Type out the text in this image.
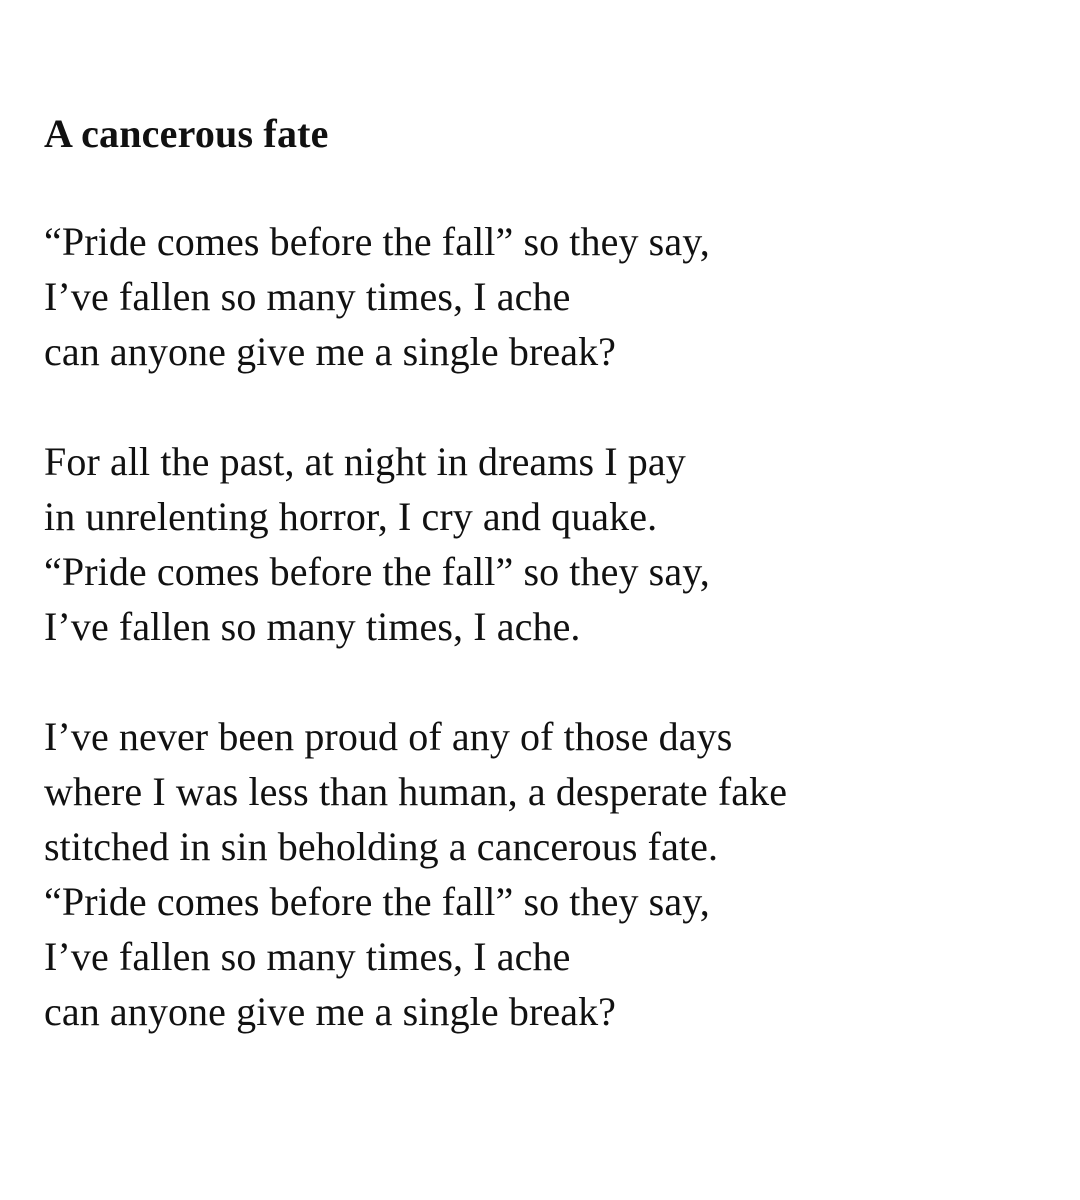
A cancerous fate
“Pride comes before the fall” so they say,
I’ve fallen so many times, I ache
can anyone give me a single break?
For all the past, at night in dreams I pay
in unrelenting horror, I cry and quake.
“Pride comes before the fall” so they say,
I’ve fallen so many times, I ache.
I’ve never been proud of any of those days
where I was less than human, a desperate fake
stitched in sin beholding a cancerous fate.
“Pride comes before the fall” so they say,
I’ve fallen so many times, I ache
can anyone give me a single break?
